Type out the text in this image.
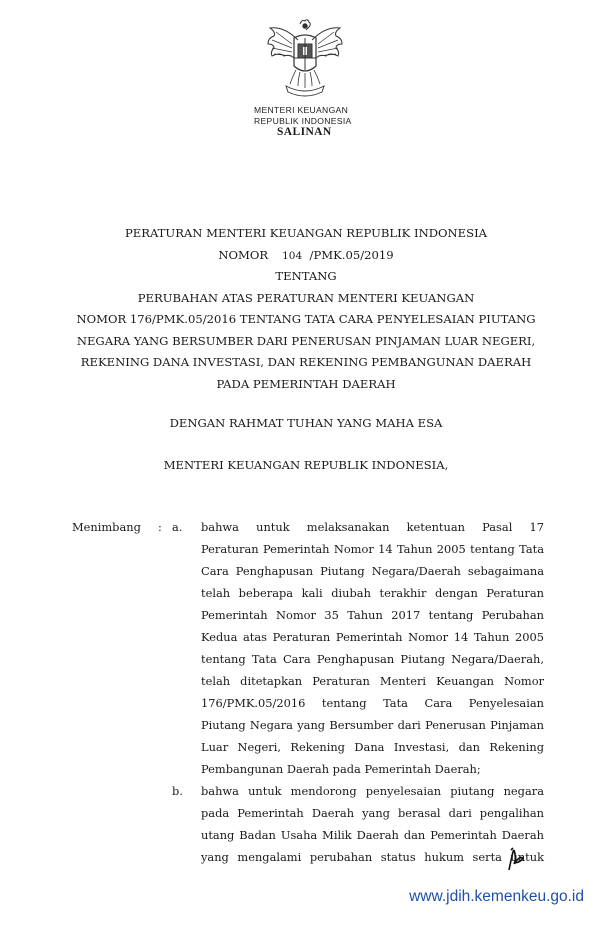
MENTERI KEUANGAN
REPUBLIK INDONESIA
SALINAN
PERATURAN MENTERI KEUANGAN REPUBLIK INDONESIA
NOMOR 104 /PMK.05/2019
TENTANG
PERUBAHAN ATAS PERATURAN MENTERI KEUANGAN
NOMOR 176/PMK.05/2016 TENTANG TATA CARA PENYELESAIAN PIUTANG
NEGARA YANG BERSUMBER DARI PENERUSAN PINJAMAN LUAR NEGERI,
REKENING DANA INVESTASI, DAN REKENING PEMBANGUNAN DAERAH
PADA PEMERINTAH DAERAH
DENGAN RAHMAT TUHAN YANG MAHA ESA
MENTERI KEUANGAN REPUBLIK INDONESIA,
Menimbang : a. bahwa untuk melaksanakan ketentuan Pasal 17
Peraturan Pemerintah Nomor 14 Tahun 2005 tentang Tata
Cara Penghapusan Piutang Negara/Daerah sebagaimana
telah beberapa kali diubah terakhir dengan Peraturan
Pemerintah Nomor 35 Tahun 2017 tentang Perubahan
Kedua atas Peraturan Pemerintah Nomor 14 Tahun 2005
tentang Tata Cara Penghapusan Piutang Negara/Daerah,
telah ditetapkan Peraturan Menteri Keuangan Nomor
176/PMK.05/2016 tentang Tata Cara Penyelesaian
Piutang Negara yang Bersumber dari Penerusan Pinjaman
Luar Negeri, Rekening Dana Investasi, dan Rekening
Pembangunan Daerah pada Pemerintah Daerah;
b. bahwa untuk mendorong penyelesaian piutang negara
pada Pemerintah Daerah yang berasal dari pengalihan
utang Badan Usaha Milik Daerah dan Pemerintah Daerah
yang mengalami perubahan status hukum serta untuk
www.jdih.kemenkeu.go.id
